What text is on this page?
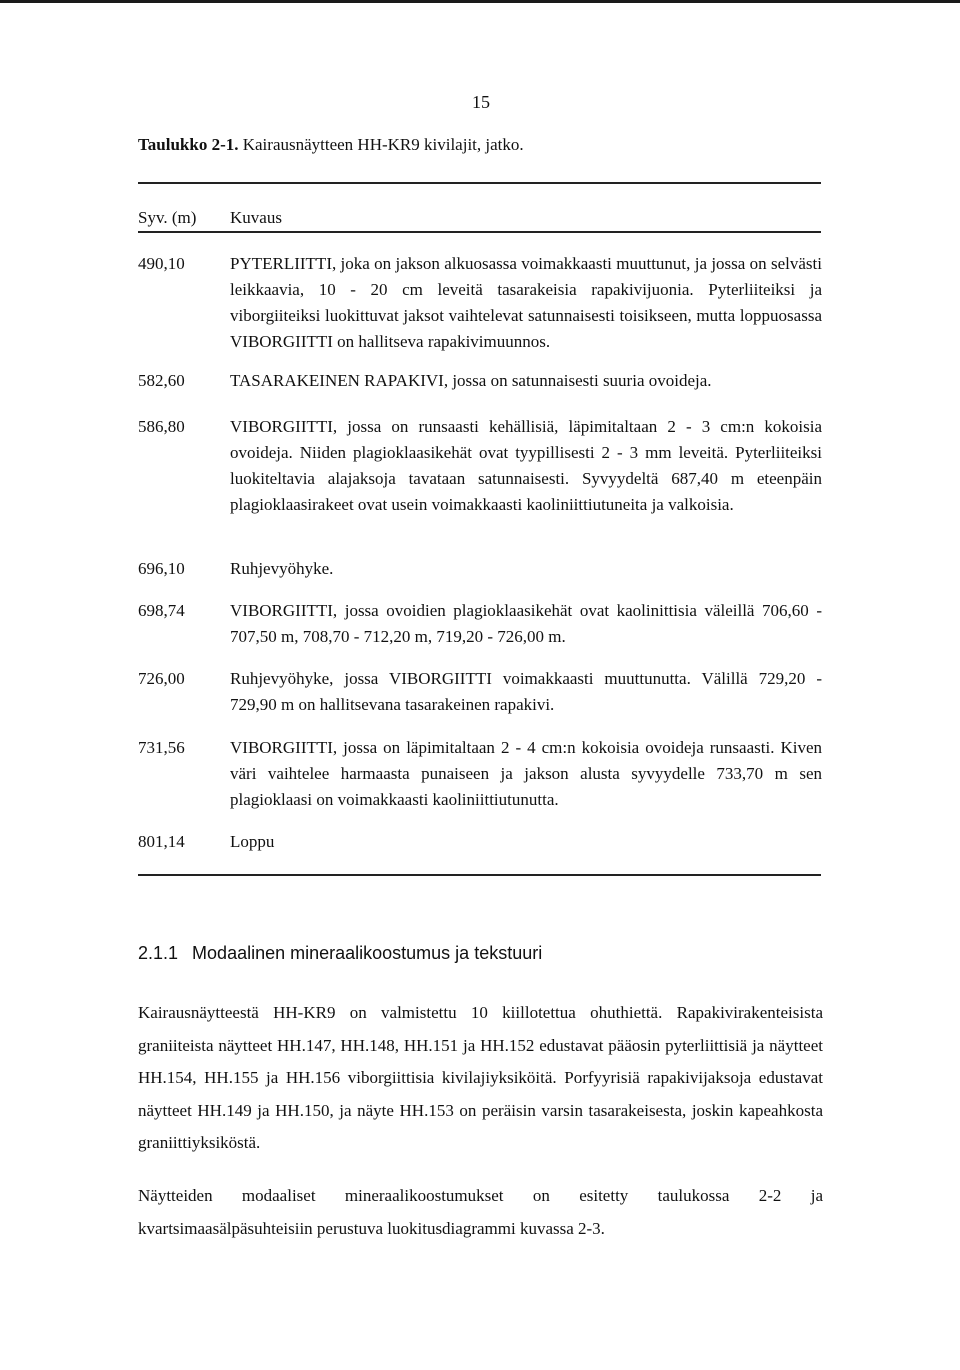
15
Taulukko 2-1. Kairausnäytteen HH-KR9 kivilajit, jatko.
Syv. (m) Kuvaus
490,10	PYTERLIITTI, joka on jakson alkuosassa voimakkaasti muuttunut, ja jossa on selvästi leikkaavia, 10 - 20 cm leveitä tasarakeisia rapakivijuonia. Pyterliiteiksi ja viborgiiteiksi luokittuvat jaksot vaihtelevat satunnaisesti toisikseen, mutta loppuosassa VIBORGIITTI on hallitseva rapakivimuunnos.
582,60	TASARAKEINEN RAPAKIVI, jossa on satunnaisesti suuria ovoideja.
586,80	VIBORGIITTI, jossa on runsaasti kehällisiä, läpimitaltaan 2 - 3 cm:n kokoisia ovoideja. Niiden plagioklaasikehät ovat tyypillisesti 2 - 3 mm leveitä. Pyterliiteiksi luokiteltavia alajaksoja tavataan satunnaisesti. Syvyydeltä 687,40 m eteenpäin plagioklaasirakeet ovat usein voimakkaasti kaoliniittiutuneita ja valkoisia.
696,10	Ruhjevyöhyke.
698,74	VIBORGIITTI, jossa ovoidien plagioklaasikehät ovat kaolinittisia väleillä 706,60 - 707,50 m, 708,70 - 712,20 m, 719,20 - 726,00 m.
726,00	Ruhjevyöhyke, jossa VIBORGIITTI voimakkaasti muuttunutta. Välillä 729,20 - 729,90 m on hallitsevana tasarakeinen rapakivi.
731,56	VIBORGIITTI, jossa on läpimitaltaan 2 - 4 cm:n kokoisia ovoideja runsaasti. Kiven väri vaihtelee harmaasta punaiseen ja jakson alusta syvyydelle 733,70 m sen plagioklaasi on voimakkaasti kaoliniittiutunutta.
801,14	Loppu
2.1.1 Modaalinen mineraalikoostumus ja tekstuuri
Kairausnäytteestä HH-KR9 on valmistettu 10 kiillotettua ohuthiettä. Rapakivirakenteisista graniiteista näytteet HH.147, HH.148, HH.151 ja HH.152 edustavat pääosin pyterliittisiä ja näytteet HH.154, HH.155 ja HH.156 viborgiittisia kivilajiyksiköitä. Porfyyrisiä rapakivijaksoja edustavat näytteet HH.149 ja HH.150, ja näyte HH.153 on peräisin varsin tasarakeisesta, joskin kapeahkosta graniittiyksiköstä.
Näytteiden modaaliset mineraalikoostumukset on esitetty taulukossa 2-2 ja kvartsimaasälpäsuhteisiin perustuva luokitusdiagrammi kuvassa 2-3.
